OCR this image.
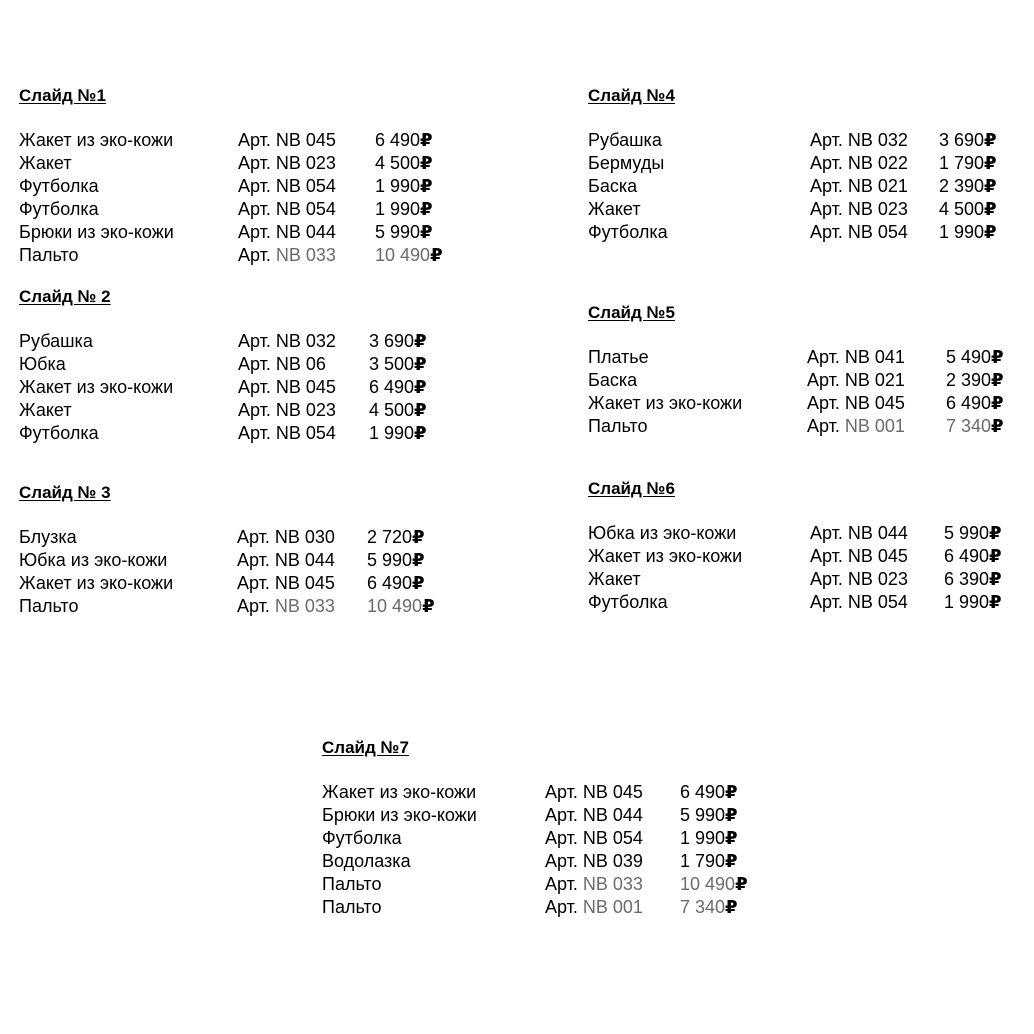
Слайд №1
Жакет из эко-кожи	Арт. NB 045 6 490₽
Жакет	Арт. NB 023 4 500₽
Футболка	Арт. NB 054 1 990₽
Футболка	Арт. NB 054 1 990₽
Брюки из эко-кожи	Арт. NB 044 5 990₽
Пальто	Арт. NB 033 10 490₽
Слайд № 2
Рубашка	Арт. NB 032 3 690₽
Юбка	Арт. NB 06 3 500₽
Жакет из эко-кожи	Арт. NB 045 6 490₽
Жакет	Арт. NB 023 4 500₽
Футболка	Арт. NB 054 1 990₽
Слайд № 3
Блузка	Арт. NB 030 2 720₽
Юбка из эко-кожи	Арт. NB 044 5 990₽
Жакет из эко-кожи	Арт. NB 045 6 490₽
Пальто	Арт. NB 033 10 490₽
Слайд №4
Рубашка	Арт. NB 032 3 690₽
Бермуды	Арт. NB 022 1 790₽
Баска	Арт. NB 021 2 390₽
Жакет	Арт. NB 023 4 500₽
Футболка	Арт. NB 054 1 990₽
Слайд №5
Платье	Арт. NB 041 5 490₽
Баска	Арт. NB 021 2 390₽
Жакет из эко-кожи	Арт. NB 045 6 490₽
Пальто	Арт. NB 001 7 340₽
Слайд №6
Юбка из эко-кожи	Арт. NB 044 5 990₽
Жакет из эко-кожи	Арт. NB 045 6 490₽
Жакет	Арт. NB 023 6 390₽
Футболка	Арт. NB 054 1 990₽
Слайд №7
Жакет из эко-кожи	Арт. NB 045 6 490₽
Брюки из эко-кожи	Арт. NB 044 5 990₽
Футболка	Арт. NB 054 1 990₽
Водолазка	Арт. NB 039 1 790₽
Пальто	Арт. NB 033 10 490₽
Пальто	Арт. NB 001 7 340₽
